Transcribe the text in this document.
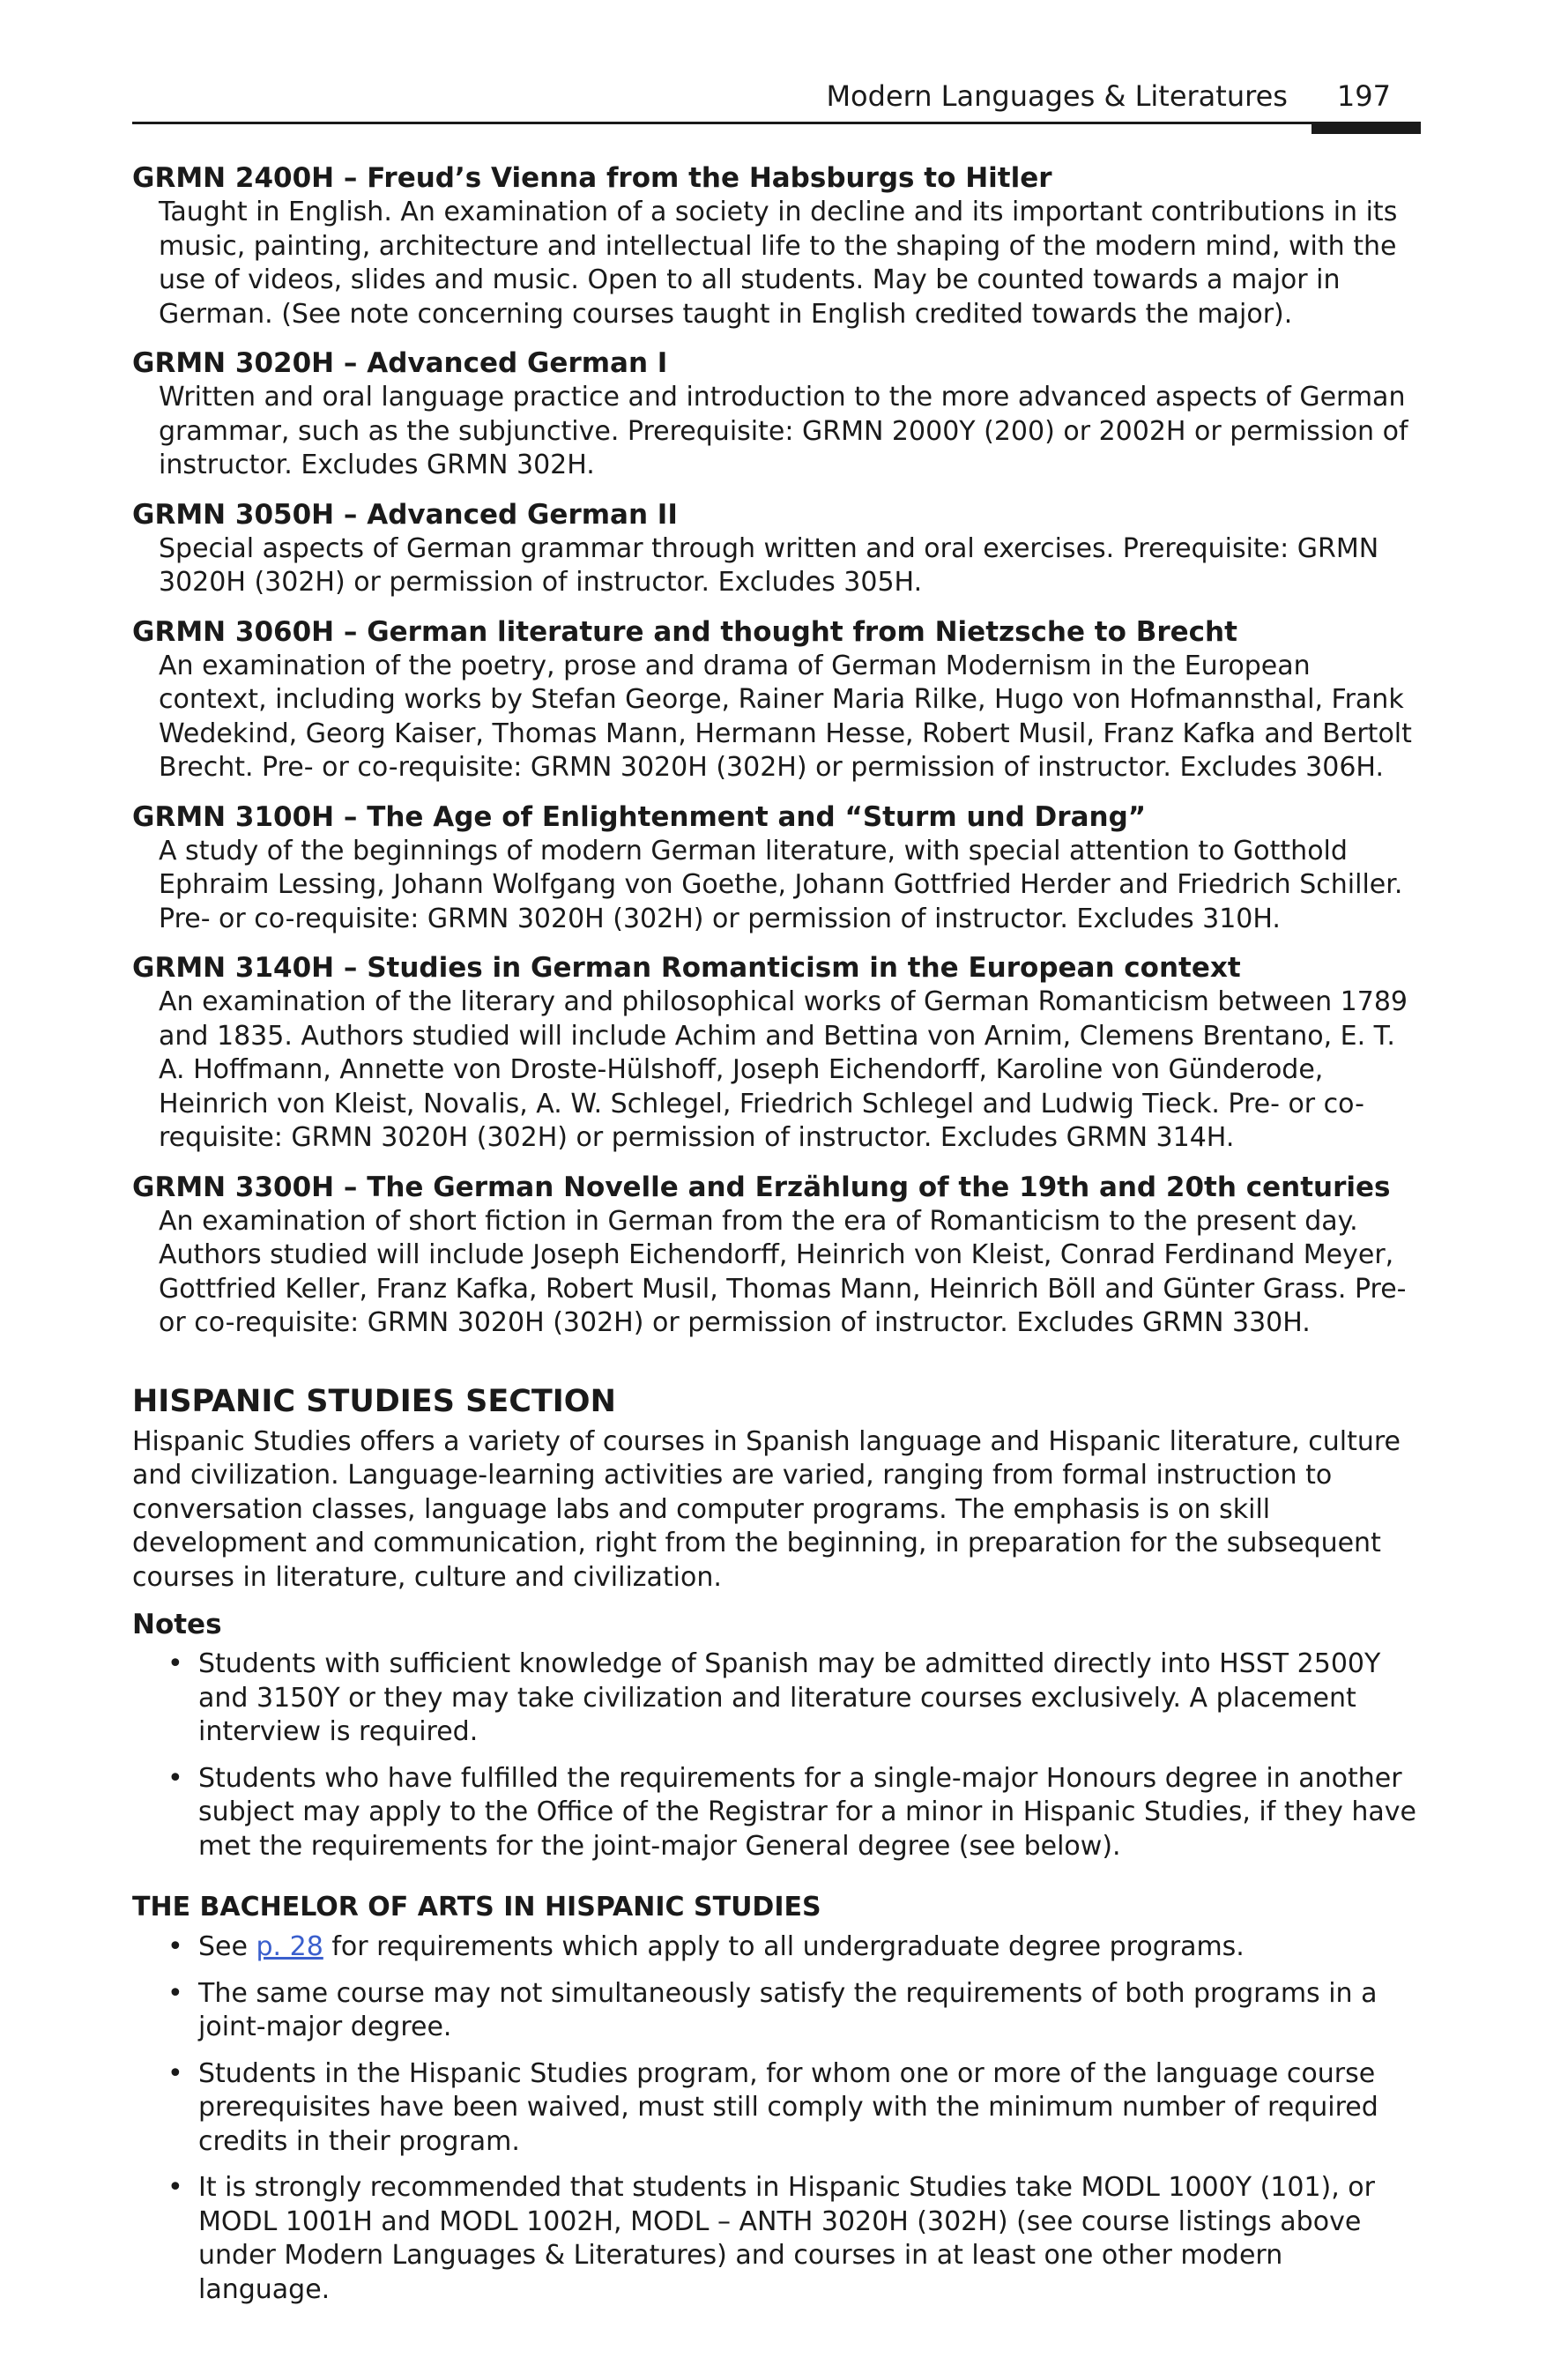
Modern Languages & Literatures 197
GRMN 2400H – Freud’s Vienna from the Habsburgs to Hitler
Taught in English. An examination of a society in decline and its important contributions in its music, painting, architecture and intellectual life to the shaping of the modern mind, with the use of videos, slides and music. Open to all students. May be counted towards a major in German. (See note concerning courses taught in English credited towards the major).
GRMN 3020H – Advanced German I
Written and oral language practice and introduction to the more advanced aspects of German grammar, such as the subjunctive. Prerequisite: GRMN 2000Y (200) or 2002H or permission of instructor. Excludes GRMN 302H.
GRMN 3050H – Advanced German II
Special aspects of German grammar through written and oral exercises. Prerequisite: GRMN 3020H (302H) or permission of instructor. Excludes 305H.
GRMN 3060H – German literature and thought from Nietzsche to Brecht
An examination of the poetry, prose and drama of German Modernism in the European context, including works by Stefan George, Rainer Maria Rilke, Hugo von Hofmannsthal, Frank Wedekind, Georg Kaiser, Thomas Mann, Hermann Hesse, Robert Musil, Franz Kafka and Bertolt Brecht. Pre- or co-requisite: GRMN 3020H (302H) or permission of instructor. Excludes 306H.
GRMN 3100H – The Age of Enlightenment and “Sturm und Drang”
A study of the beginnings of modern German literature, with special attention to Gotthold Ephraim Lessing, Johann Wolfgang von Goethe, Johann Gottfried Herder and Friedrich Schiller. Pre- or co-requisite: GRMN 3020H (302H) or permission of instructor. Excludes 310H.
GRMN 3140H – Studies in German Romanticism in the European context
An examination of the literary and philosophical works of German Romanticism between 1789 and 1835. Authors studied will include Achim and Bettina von Arnim, Clemens Brentano, E. T. A. Hoffmann, Annette von Droste-Hülshoff, Joseph Eichendorff, Karoline von Günderode, Heinrich von Kleist, Novalis, A. W. Schlegel, Friedrich Schlegel and Ludwig Tieck. Pre- or co-requisite: GRMN 3020H (302H) or permission of instructor. Excludes GRMN 314H.
GRMN 3300H – The German Novelle and Erzählung of the 19th and 20th centuries
An examination of short fiction in German from the era of Romanticism to the present day. Authors studied will include Joseph Eichendorff, Heinrich von Kleist, Conrad Ferdinand Meyer, Gottfried Keller, Franz Kafka, Robert Musil, Thomas Mann, Heinrich Böll and Günter Grass. Pre- or co-requisite: GRMN 3020H (302H) or permission of instructor. Excludes GRMN 330H.
HISPANIC STUDIES SECTION
Hispanic Studies offers a variety of courses in Spanish language and Hispanic literature, culture and civilization. Language-learning activities are varied, ranging from formal instruction to conversation classes, language labs and computer programs. The emphasis is on skill development and communication, right from the beginning, in preparation for the subsequent courses in literature, culture and civilization.
Notes
• Students with sufficient knowledge of Spanish may be admitted directly into HSST 2500Y and 3150Y or they may take civilization and literature courses exclusively. A placement interview is required.
• Students who have fulfilled the requirements for a single-major Honours degree in another subject may apply to the Office of the Registrar for a minor in Hispanic Studies, if they have met the requirements for the joint-major General degree (see below).
THE BACHELOR OF ARTS IN HISPANIC STUDIES
• See p. 28 for requirements which apply to all undergraduate degree programs.
• The same course may not simultaneously satisfy the requirements of both programs in a joint-major degree.
• Students in the Hispanic Studies program, for whom one or more of the language course prerequisites have been waived, must still comply with the minimum number of required credits in their program.
• It is strongly recommended that students in Hispanic Studies take MODL 1000Y (101), or MODL 1001H and MODL 1002H, MODL – ANTH 3020H (302H) (see course listings above under Modern Languages & Literatures) and courses in at least one other modern language.
